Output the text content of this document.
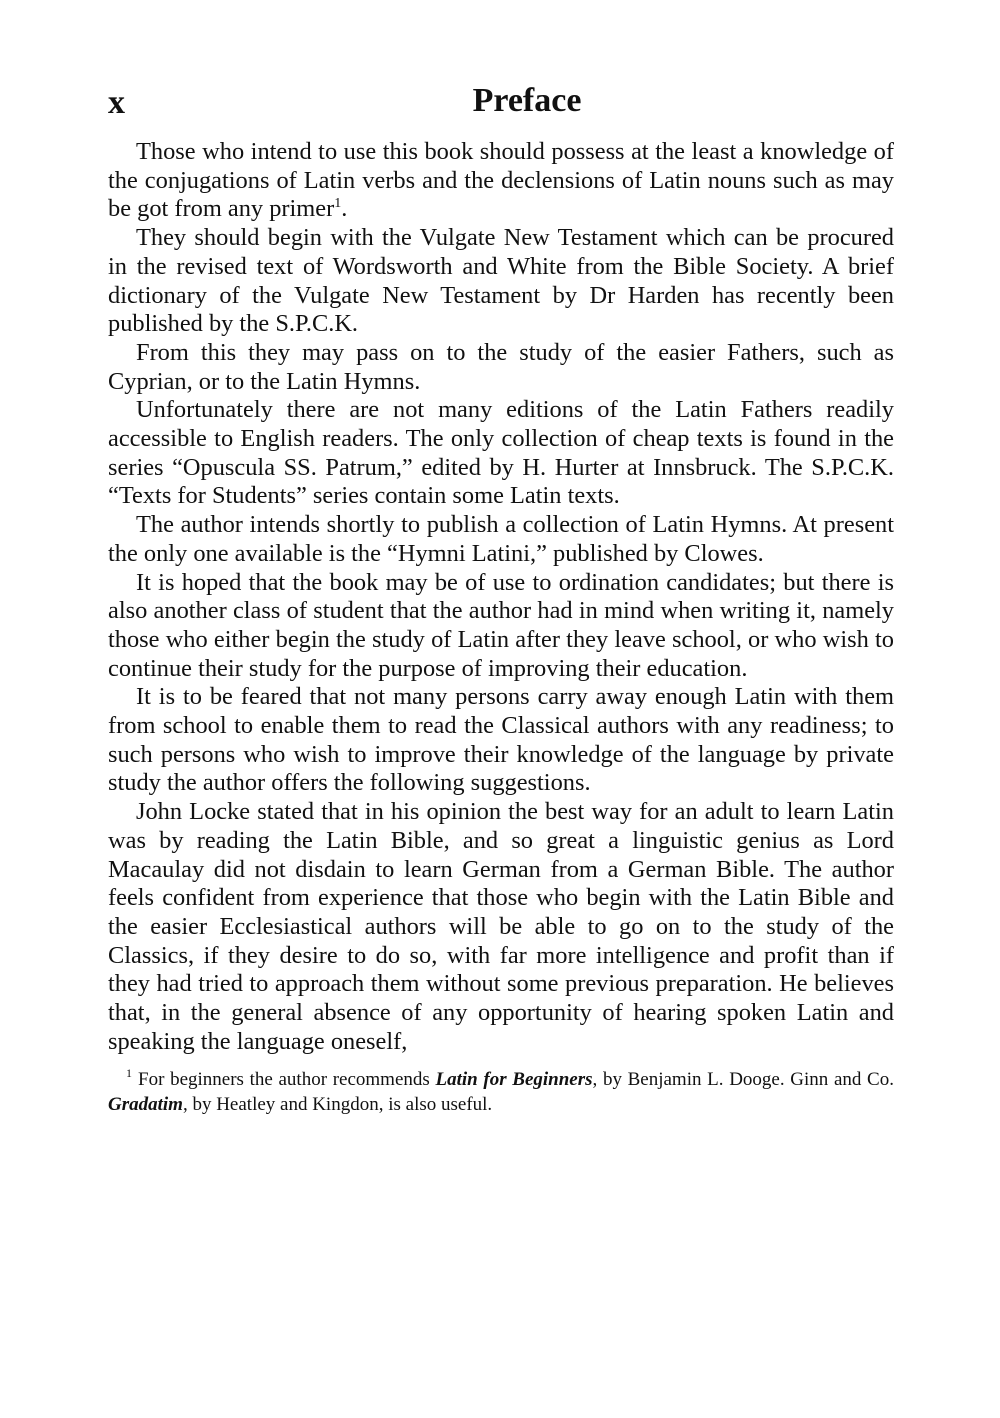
x	Preface

Those who intend to use this book should possess at the least a knowledge of the conjugations of Latin verbs and the declensions of Latin nouns such as may be got from any primer$^1$.

They should begin with the Vulgate New Testament which can be procured in the revised text of Wordsworth and White from the Bible Society. A brief dictionary of the Vulgate New Testament by Dr Harden has recently been published by the S.P.C.K.

From this they may pass on to the study of the easier Fathers, such as Cyprian, or to the Latin Hymns.

Unfortunately there are not many editions of the Latin Fathers readily accessible to English readers. The only collection of cheap texts is found in the series “Opuscula SS. Patrum,” edited by H. Hurter at Innsbruck. The S.P.C.K. “Texts for Students” series contain some Latin texts.

The author intends shortly to publish a collection of Latin Hymns. At present the only one available is the “Hymni Latini,” published by Clowes.

It is hoped that the book may be of use to ordination candidates; but there is also another class of student that the author had in mind when writing it, namely those who either begin the study of Latin after they leave school, or who wish to continue their study for the purpose of improving their education.

It is to be feared that not many persons carry away enough Latin with them from school to enable them to read the Classical authors with any readiness; to such persons who wish to improve their knowledge of the language by private study the author offers the following suggestions.

John Locke stated that in his opinion the best way for an adult to learn Latin was by reading the Latin Bible, and so great a linguistic genius as Lord Macaulay did not disdain to learn German from a German Bible. The author feels confident from experience that those who begin with the Latin Bible and the easier Ecclesiastical authors will be able to go on to the study of the Classics, if they desire to do so, with far more intelligence and profit than if they had tried to approach them without some previous preparation. He believes that, in the general absence of any opportunity of hearing spoken Latin and speaking the language oneself,

$^1$ For beginners the author recommends Latin for Beginners, by Benjamin L. Dooge. Ginn and Co. Gradatim, by Heatley and Kingdon, is also useful.
